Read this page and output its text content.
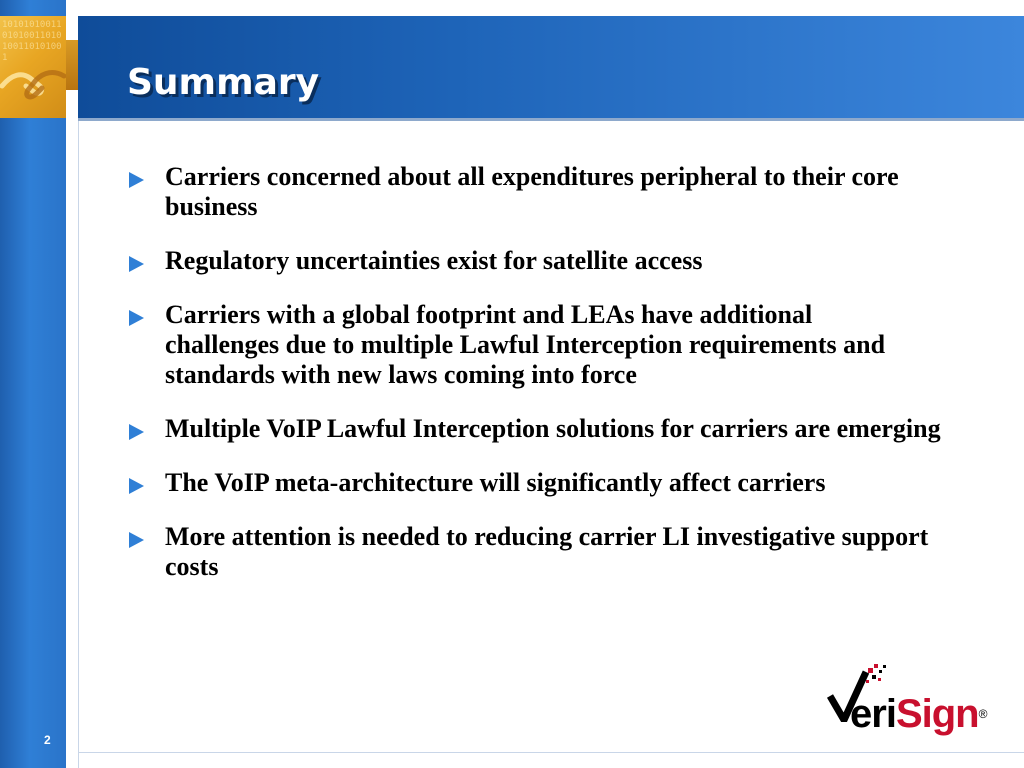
1010101001101010011010100110101001
Summary
Carriers concerned about all expenditures peripheral to their core business
Regulatory uncertainties exist for satellite access
Carriers with a global footprint and LEAs have additional challenges due to multiple Lawful Interception requirements and standards with new laws coming into force
Multiple VoIP Lawful Interception solutions for carriers are emerging
The VoIP meta-architecture will significantly affect carriers
More attention is needed to reducing carrier LI investigative support costs
eriSign®
2
